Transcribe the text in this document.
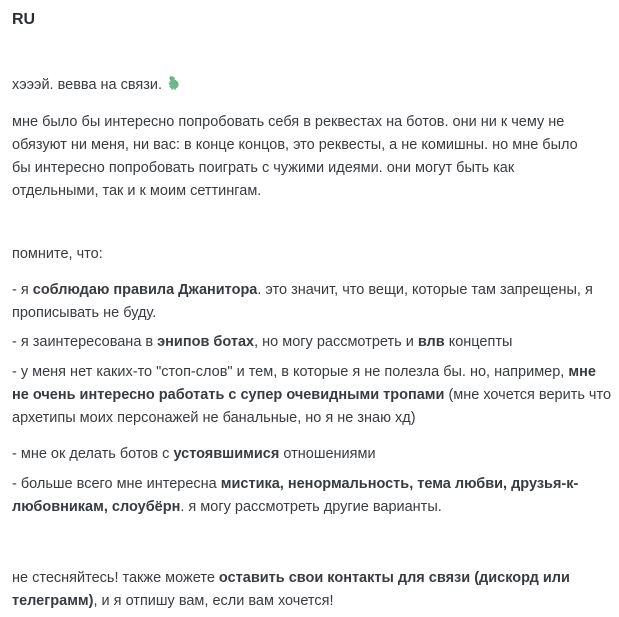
RU
хэээй. вевва на связи.
мне было бы интересно попробовать себя в реквестах на ботов. они ни к чему не
обязуют ни меня, ни вас: в конце концов, это реквесты, а не комишны. но мне было
бы интересно попробовать поиграть с чужими идеями. они могут быть как
отдельными, так и к моим сеттингам.
помните, что:
- я соблюдаю правила Джанитора. это значит, что вещи, которые там запрещены, я
прописывать не буду.
- я заинтересована в энипов ботах, но могу рассмотреть и влв концепты
- у меня нет каких-то "стоп-слов" и тем, в которые я не полезла бы. но, например, мне
не очень интересно работать с супер очевидными тропами (мне хочется верить что
архетипы моих персонажей не банальные, но я не знаю хд)
- мне ок делать ботов с устоявшимися отношениями
- больше всего мне интересна мистика, ненормальность, тема любви, друзья-к-
любовникам, слоубёрн. я могу рассмотреть другие варианты.
не стесняйтесь! также можете оставить свои контакты для связи (дискорд или
телеграмм), и я отпишу вам, если вам хочется!
